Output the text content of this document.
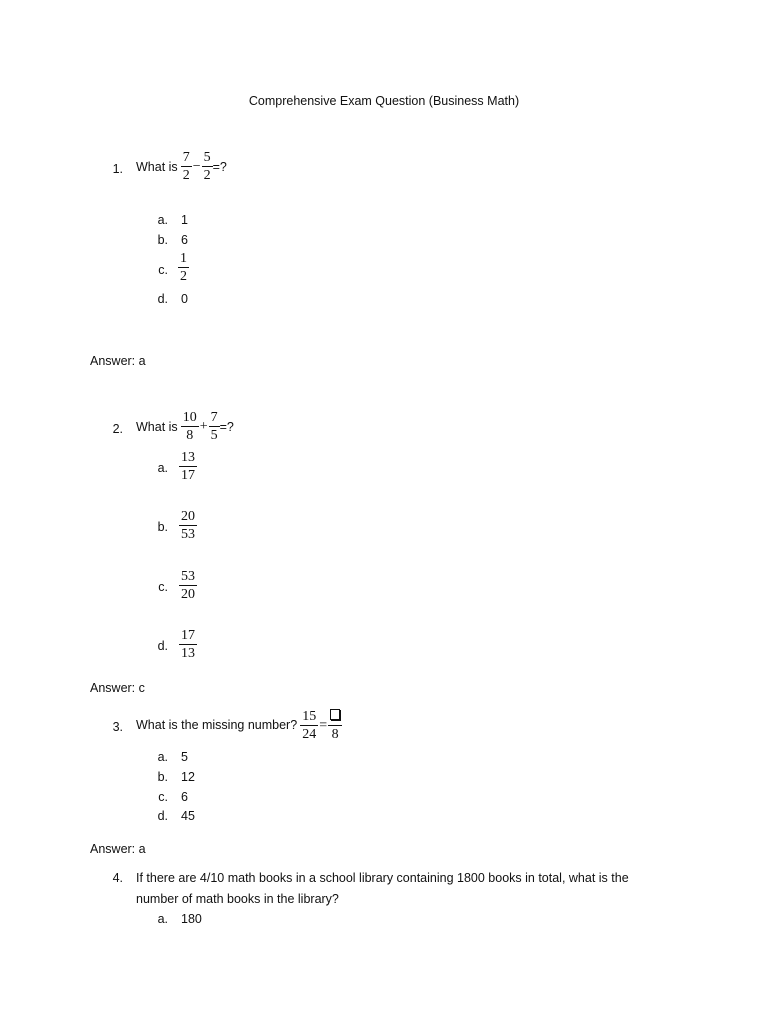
Comprehensive Exam Question (Business Math)
1. What is $\frac{7}{2} - \frac{5}{2}$ =?
a. 1
b. 6
c. $\frac{1}{2}$
d. 0
Answer: a
2. What is $\frac{10}{8} + \frac{7}{5}$ =?
a. $\frac{13}{17}$
b. $\frac{20}{53}$
c. $\frac{53}{20}$
d. $\frac{17}{13}$
Answer: c
3. What is the missing number? $\frac{15}{24}$ =
8
a. 5
b. 12
c. 6
d. 45
Answer: a
4. If there are 4/10 math books in a school library containing 1800 books in total, what is the
number of math books in the library?
a. 180
